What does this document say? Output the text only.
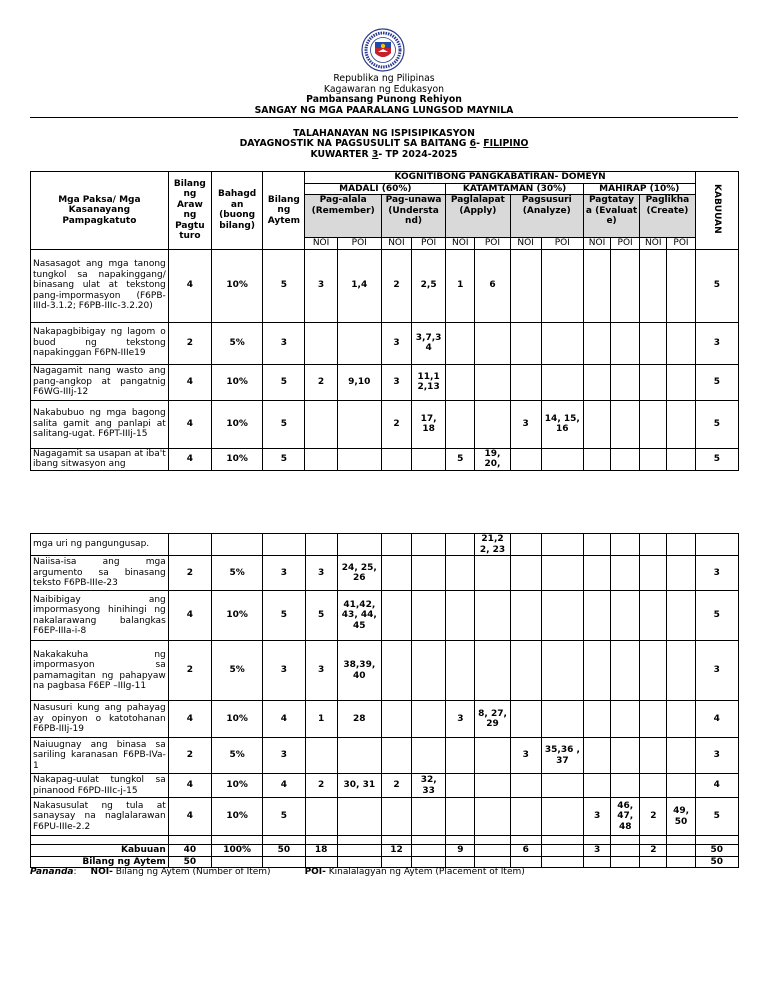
Republika ng Pilipinas
Kagawaran ng Edukasyon
Pambansang Punong Rehiyon
SANGAY NG MGA PAARALANG LUNGSOD MAYNILA
TALAHANAYAN NG ISPISIPIKASYON
DAYAGNOSTIK NA PAGSUSULIT SA BAITANG 6- FILIPINO
KUWARTER 3- TP 2024-2025
Mga Paksa/ Mga Kasanayang Pampagkatuto	Bilang ng Araw ng Pagtu turo	Bahagd an (buong bilang)	Bilang ng Aytem	KOGNITIBONG PANGKABATIRAN- DOMEYN												KABUUAN
				MADALI (60%)				KATAMTAMAN (30%)				MAHIRAP (10%)				
				Pag-alala (Remember)		Pag-unawa (Understa nd)		Paglalapat (Apply)		Pagsusuri (Analyze)		Pagtatay a (Evaluat e)		Paglikha (Create)		
				NOI	POI	NOI	POI	NOI	POI	NOI	POI	NOI	POI	NOI	POI	
Nasasagot ang mga tanong tungkol sa napakinggang/ binasang ulat at tekstong pang-impormasyon (F6PB-IIId-3.1.2; F6PB-IIIc-3.2.20)	4	10%	5	3	1,4	2	2,5	1	6							5
Nakapagbibigay ng lagom o buod ng tekstong napakinggan F6PN-IIIe19	2	5%	3			3	3,7,3 4									3
Nagagamit nang wasto ang pang-angkop at pangatnig F6WG-IIIj-12	4	10%	5	2	9,10	3	11,1 2,13									5
Nakabubuo ng mga bagong salita gamit ang panlapi at salitang-ugat. F6PT-IIIj-15	4	10%	5			2	17, 18			3	14, 15, 16					5
Nagagamit sa usapan at iba't ibang sitwasyon ang	4	10%	5					5	19, 20,							5
mga uri ng pangungusap.									21,2 2, 23							
Naiisa-isa ang mga argumento sa binasang teksto F6PB-IIIe-23	2	5%	3	3	24, 25, 26											3
Naibibigay ang impormasyong hinihingi ng nakalarawang balangkas F6EP-IIIa-i-8	4	10%	5	5	41,42, 43, 44, 45											5
Nakakakuha ng impormasyon sa pamamagitan ng pahapyaw na pagbasa F6EP –IIIg-11	2	5%	3	3	38,39, 40											3
Nasusuri kung ang pahayag ay opinyon o katotohanan F6PB-IIIj-19	4	10%	4	1	28			3	8, 27, 29							4
Naiuugnay ang binasa sa sariling karanasan F6PB-IVa-1	2	5%	3							3	35,36 , 37					3
Nakapag-uulat tungkol sa pinanood F6PD-IIIc-j-15	4	10%	4	2	30, 31	2	32, 33									4
Nakasusulat ng tula at sanaysay na naglalarawan F6PU-IIIe-2.2	4	10%	5									3	46, 47, 48	2	49, 50	5

Kabuuan	40	100%	50	18		12		9		6		3		2		50
Bilang ng Aytem	50															50
Pananda: NOI- Bilang ng Aytem (Number of Item)	POI- Kinalalagyan ng Aytem (Placement of Item)
